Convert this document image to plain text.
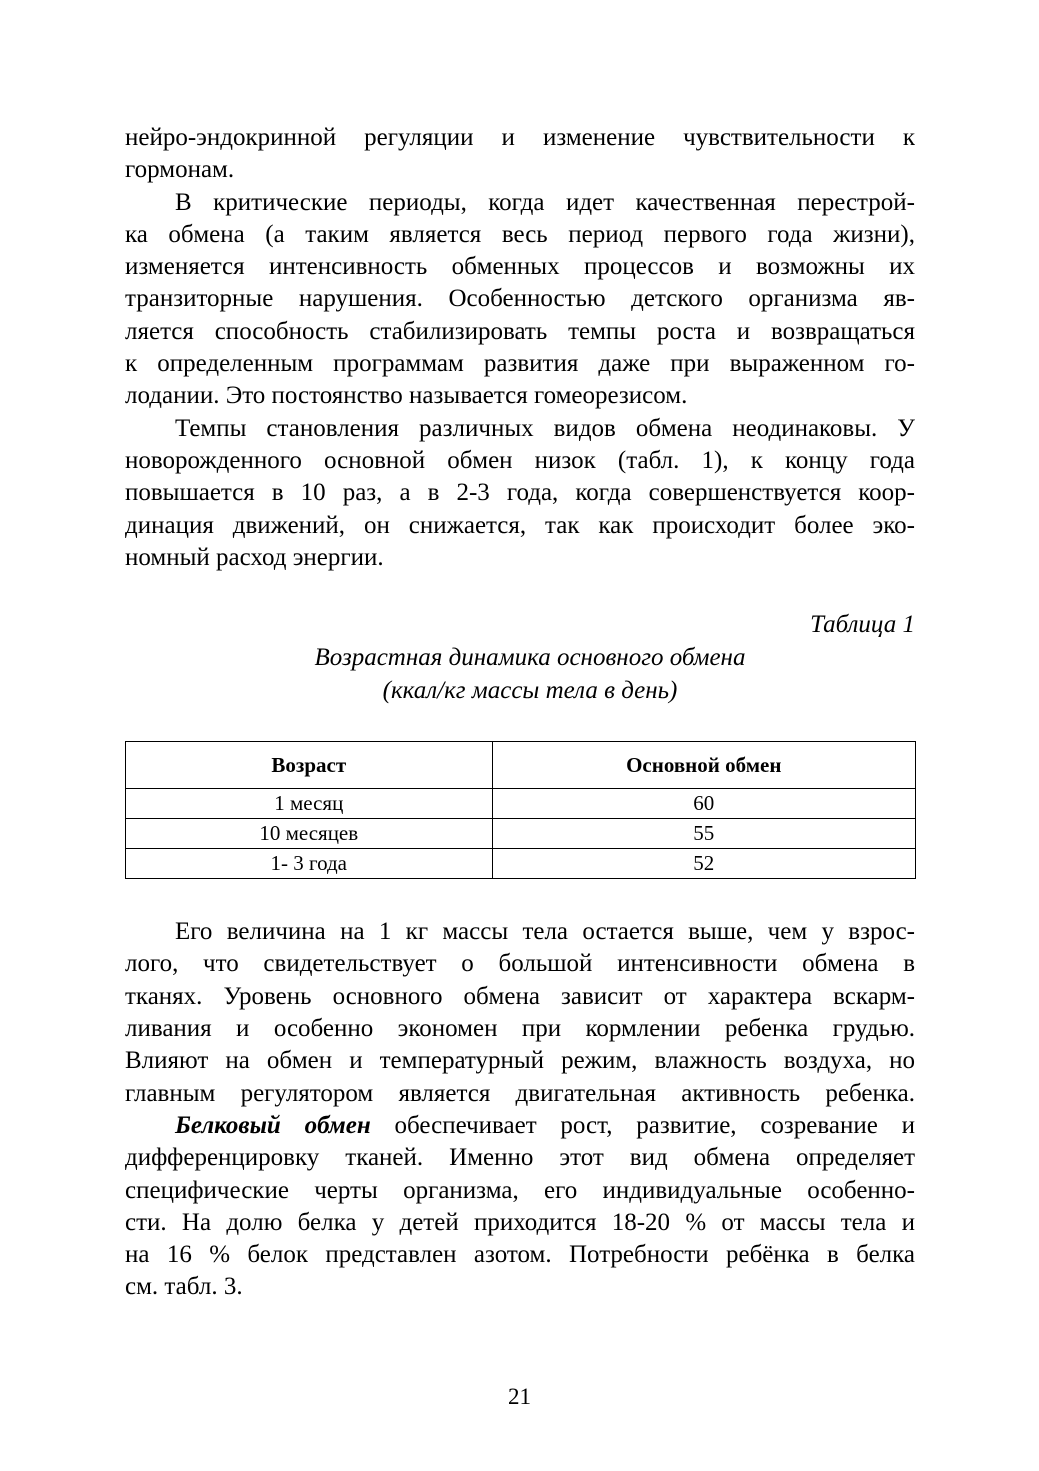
нейро-эндокринной регуляции и изменение чувствительности к
гормонам.
В критические периоды, когда идет качественная перестрой-
ка обмена (а таким является весь период первого года жизни),
изменяется интенсивность обменных процессов и возможны их
транзиторные нарушения. Особенностью детского организма яв-
ляется способность стабилизировать темпы роста и возвращаться
к определенным программам развития даже при выраженном го-
лодании. Это постоянство называется гомеорезисом.
Темпы становления различных видов обмена неодинаковы. У
новорожденного основной обмен низок (табл. 1), к концу года
повышается в 10 раз, а в 2-3 года, когда совершенствуется коор-
динация движений, он снижается, так как происходит более эко-
номный расход энергии.
Таблица 1
Возрастная динамика основного обмена
(ккал/кг массы тела в день)
Возраст	Основной обмен
1 месяц	60
10 месяцев	55
1- 3 года	52
Его величина на 1 кг массы тела остается выше, чем у взрос-
лого, что свидетельствует о большой интенсивности обмена в
тканях. Уровень основного обмена зависит от характера вскарм-
ливания и особенно экономен при кормлении ребенка грудью.
Влияют на обмен и температурный режим, влажность воздуха, но
главным регулятором является двигательная активность ребенка.
Белковый обмен обеспечивает рост, развитие, созревание и
дифференцировку тканей. Именно этот вид обмена определяет
специфические черты организма, его индивидуальные особенно-
сти. На долю белка у детей приходится 18-20 % от массы тела и
на 16 % белок представлен азотом. Потребности ребёнка в белка
см. табл. 3.
21
